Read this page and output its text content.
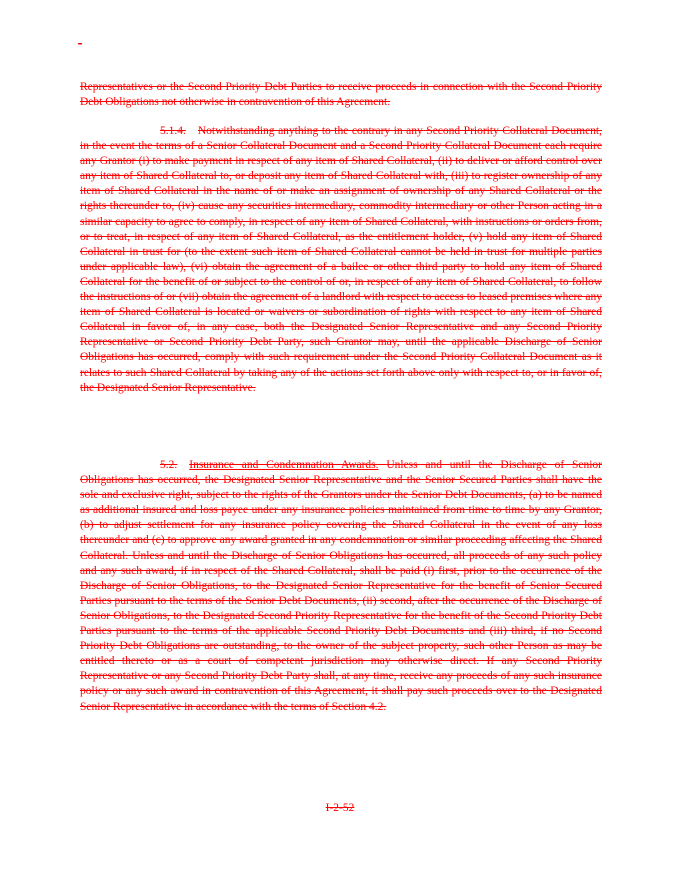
-

Representatives or the Second Priority Debt Parties to receive proceeds in connection with the Second Priority Debt Obligations not otherwise in contravention of this Agreement.

5.1.4. Notwithstanding anything to the contrary in any Second Priority Collateral Document, in the event the terms of a Senior Collateral Document and a Second Priority Collateral Document each require any Grantor (i) to make payment in respect of any item of Shared Collateral, (ii) to deliver or afford control over any item of Shared Collateral to, or deposit any item of Shared Collateral with, (iii) to register ownership of any item of Shared Collateral in the name of or make an assignment of ownership of any Shared Collateral or the rights thereunder to, (iv) cause any securities intermediary, commodity intermediary or other Person acting in a similar capacity to agree to comply, in respect of any item of Shared Collateral, with instructions or orders from, or to treat, in respect of any item of Shared Collateral, as the entitlement holder, (v) hold any item of Shared Collateral in trust for (to the extent such item of Shared Collateral cannot be held in trust for multiple parties under applicable law), (vi) obtain the agreement of a bailee or other third party to hold any item of Shared Collateral for the benefit of or subject to the control of or, in respect of any item of Shared Collateral, to follow the instructions of or (vii) obtain the agreement of a landlord with respect to access to leased premises where any item of Shared Collateral is located or waivers or subordination of rights with respect to any item of Shared Collateral in favor of, in any case, both the Designated Senior Representative and any Second Priority Representative or Second Priority Debt Party, such Grantor may, until the applicable Discharge of Senior Obligations has occurred, comply with such requirement under the Second Priority Collateral Document as it relates to such Shared Collateral by taking any of the actions set forth above only with respect to, or in favor of, the Designated Senior Representative.

5.2. Insurance and Condemnation Awards. Unless and until the Discharge of Senior Obligations has occurred, the Designated Senior Representative and the Senior Secured Parties shall have the sole and exclusive right, subject to the rights of the Grantors under the Senior Debt Documents, (a) to be named as additional insured and loss payee under any insurance policies maintained from time to time by any Grantor, (b) to adjust settlement for any insurance policy covering the Shared Collateral in the event of any loss thereunder and (c) to approve any award granted in any condemnation or similar proceeding affecting the Shared Collateral. Unless and until the Discharge of Senior Obligations has occurred, all proceeds of any such policy and any such award, if in respect of the Shared Collateral, shall be paid (i) first, prior to the occurrence of the Discharge of Senior Obligations, to the Designated Senior Representative for the benefit of Senior Secured Parties pursuant to the terms of the Senior Debt Documents, (ii) second, after the occurrence of the Discharge of Senior Obligations, to the Designated Second Priority Representative for the benefit of the Second Priority Debt Parties pursuant to the terms of the applicable Second Priority Debt Documents and (iii) third, if no Second Priority Debt Obligations are outstanding, to the owner of the subject property, such other Person as may be entitled thereto or as a court of competent jurisdiction may otherwise direct. If any Second Priority Representative or any Second Priority Debt Party shall, at any time, receive any proceeds of any such insurance policy or any such award in contravention of this Agreement, it shall pay such proceeds over to the Designated Senior Representative in accordance with the terms of Section 4.2.

I-2-52
